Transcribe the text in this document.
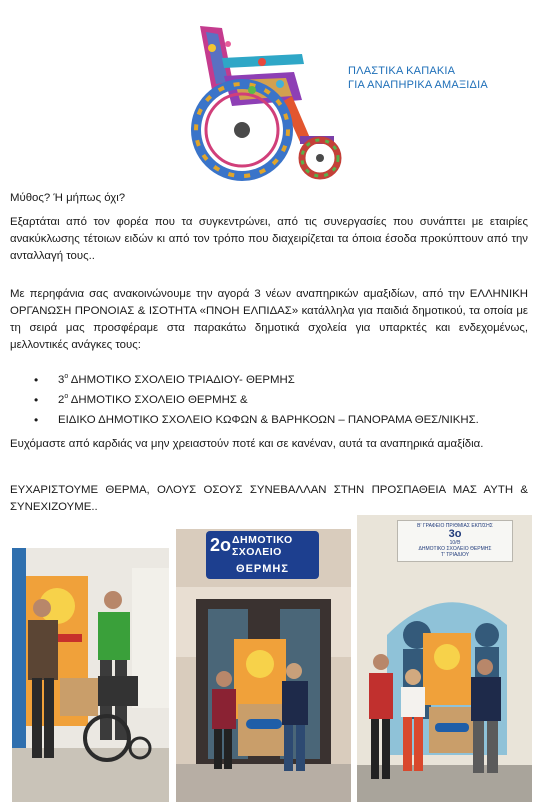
ΠΛΑΣΤΙΚΑ ΚΑΠΑΚΙΑ
ΓΙΑ ΑΝΑΠΗΡΙΚΑ ΑΜΑΞΙΔΙΑ

Μύθος? Ή μήπως όχι?

Εξαρτάται από τον φορέα που τα συγκεντρώνει, από τις συνεργασίες που συνάπτει με εταιρίες ανακύκλωσης τέτοιων ειδών κι από τον τρόπο που διαχειρίζεται τα όποια έσοδα προκύπτουν από την ανταλλαγή τους..

Με περηφάνια σας ανακοινώνουμε την αγορά 3 νέων αναπηρικών αμαξιδίων, από την ΕΛΛΗΝΙΚΗ ΟΡΓΑΝΩΣΗ ΠΡΟΝΟΙΑΣ & ΙΣΟΤΗΤΑ «ΠΝΟΗ ΕΛΠΙΔΑΣ» κατάλληλα για παιδιά δημοτικού, τα οποία με τη σειρά μας προσφέραμε στα παρακάτω δημοτικά σχολεία για υπαρκτές και ενδεχομένως, μελλοντικές ανάγκες τους:

• $3^o$ ΔΗΜΟΤΙΚΟ ΣΧΟΛΕΙΟ ΤΡΙΑΔΙΟΥ- ΘΕΡΜΗΣ
• $2^o$ ΔΗΜΟΤΙΚΟ ΣΧΟΛΕΙΟ ΘΕΡΜΗΣ &
• ΕΙΔΙΚΟ ΔΗΜΟΤΙΚΟ ΣΧΟΛΕΙΟ ΚΩΦΩΝ & ΒΑΡΗΚΟΩΝ – ΠΑΝΟΡΑΜΑ ΘΕΣ/ΝΙΚΗΣ.

Ευχόμαστε από καρδιάς να μην χρειαστούν ποτέ και σε κανέναν, αυτά τα αναπηρικά αμαξίδια.

ΕΥΧΑΡΙΣΤΟΥΜΕ ΘΕΡΜΑ, ΟΛΟΥΣ ΟΣΟΥΣ ΣΥΝΕΒΑΛΛΑΝ ΣΤΗΝ ΠΡΟΣΠΑΘΕΙΑ ΜΑΣ ΑΥΤΗ & ΣΥΝΕΧΙΖΟΥΜΕ..

2ο ΔΗΜΟΤΙΚΟ
ΣΧΟΛΕΙΟ
ΘΕΡΜΗΣ
Β' ΓΡΑΦΕΙΟ ΠΡ/ΘΜΙΑΣ ΕΚΠ/ΣΗΣ
3ο
10/Θ
ΔΗΜΟΤΙΚΟ ΣΧΟΛΕΙΟ ΘΕΡΜΗΣ
Τ' ΤΡΙΑΔΙΟΥ
